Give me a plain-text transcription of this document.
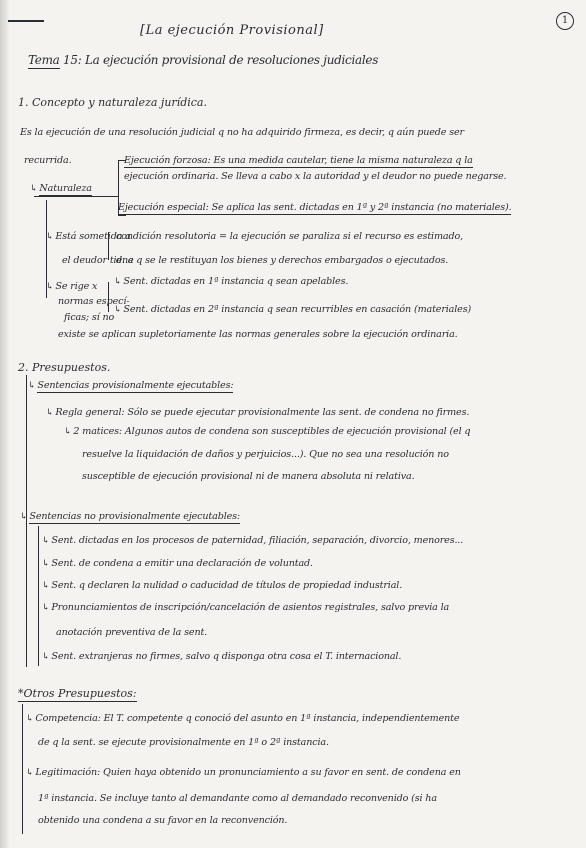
[La ejecución Provisional]
1
Tema 15: La ejecución provisional de resoluciones judiciales
1. Concepto y naturaleza jurídica.
Es la ejecución de una resolución judicial q no ha adquirido firmeza, es decir, q aún puede ser
recurrida.	Ejecución forzosa: Es una medida cautelar, tiene la misma naturaleza q la
ejecución ordinaria. Se lleva a cabo x la autoridad y el deudor no puede negarse.
↳ Naturaleza
Ejecución especial: Se aplica las sent. dictadas en 1ª y 2ª instancia (no materiales).
↳ Está sometida a
condición resolutoria = la ejecución se paraliza si el recurso es estimado,
el deudor tiene
d. a q se le restituyan los bienes y derechos embargados o ejecutados.
↳ Se rige x ↳ Sent. dictadas en 1ª instancia q sean apelables.
normas especí-
↳ Sent. dictadas en 2ª instancia q sean recurribles en casación (materiales)
ficas; sí no
existe se aplican supletoriamente las normas generales sobre la ejecución ordinaria.
2. Presupuestos.
↳ Sentencias provisionalmente ejecutables:
↳ Regla general: Sólo se puede ejecutar provisionalmente las sent. de condena no firmes.
↳ 2 matices: Algunos autos de condena son susceptibles de ejecución provisional (el q
resuelve la liquidación de daños y perjuicios...). Que no sea una resolución no
susceptible de ejecución provisional ni de manera absoluta ni relativa.
↳ Sentencias no provisionalmente ejecutables:
↳ Sent. dictadas en los procesos de paternidad, filiación, separación, divorcio, menores...
↳ Sent. de condena a emitir una declaración de voluntad.
↳ Sent. q declaren la nulidad o caducidad de títulos de propiedad industrial.
↳ Pronunciamientos de inscripción/cancelación de asientos registrales, salvo previa la
anotación preventiva de la sent.
↳ Sent. extranjeras no firmes, salvo q disponga otra cosa el T. internacional.
*Otros Presupuestos:
↳ Competencia: El T. competente q conoció del asunto en 1ª instancia, independientemente
de q la sent. se ejecute provisionalmente en 1ª o 2ª instancia.
↳ Legitimación: Quien haya obtenido un pronunciamiento a su favor en sent. de condena en
1ª instancia. Se incluye tanto al demandante como al demandado reconvenido (si ha
obtenido una condena a su favor en la reconvención.
